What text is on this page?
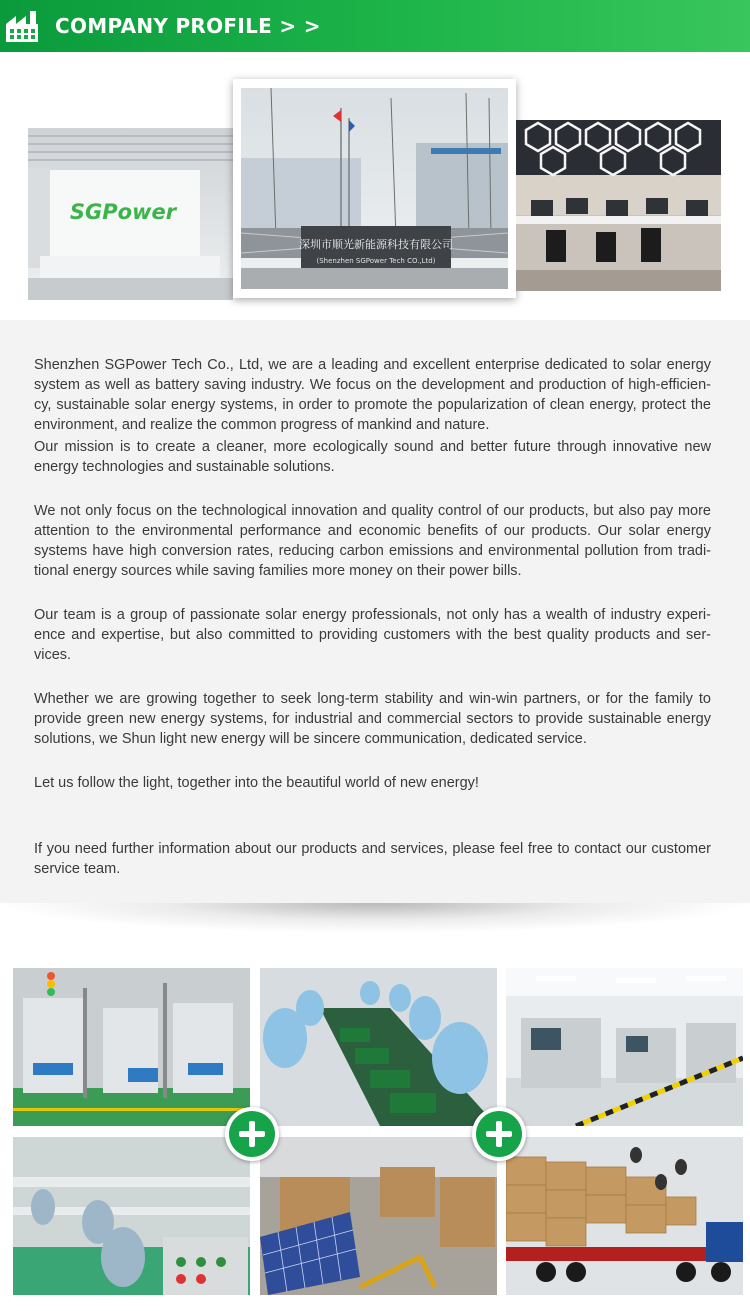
COMPANY PROFILE > >
SGPower
深圳市顺光新能源科技有限公司
(Shenzhen SGPower Tech CO.,Ltd)

Shenzhen SGPower Tech Co., Ltd, we are a leading and excellent enterprise dedicated to solar energy system as well as battery saving industry. We focus on the development and production of high-efficien- cy, sustainable solar energy systems, in order to promote the popularization of clean energy, protect the environment, and realize the common progress of mankind and nature.

Our mission is to create a cleaner, more ecologically sound and better future through innovative new energy technologies and sustainable solutions.

We not only focus on the technological innovation and quality control of our products, but also pay more attention to the environmental performance and economic benefits of our products. Our solar energy systems have high conversion rates, reducing carbon emissions and environmental pollution from tradi- tional energy sources while saving families more money on their power bills.

Our team is a group of passionate solar energy professionals, not only has a wealth of industry experi- ence and expertise, but also committed to providing customers with the best quality products and ser- vices.

Whether we are growing together to seek long-term stability and win-win partners, or for the family to provide green new energy systems, for industrial and commercial sectors to provide sustainable energy solutions, we Shun light new energy will be sincere communication, dedicated service.

Let us follow the light, together into the beautiful world of new energy!

If you need further information about our products and services, please feel free to contact our customer service team.
